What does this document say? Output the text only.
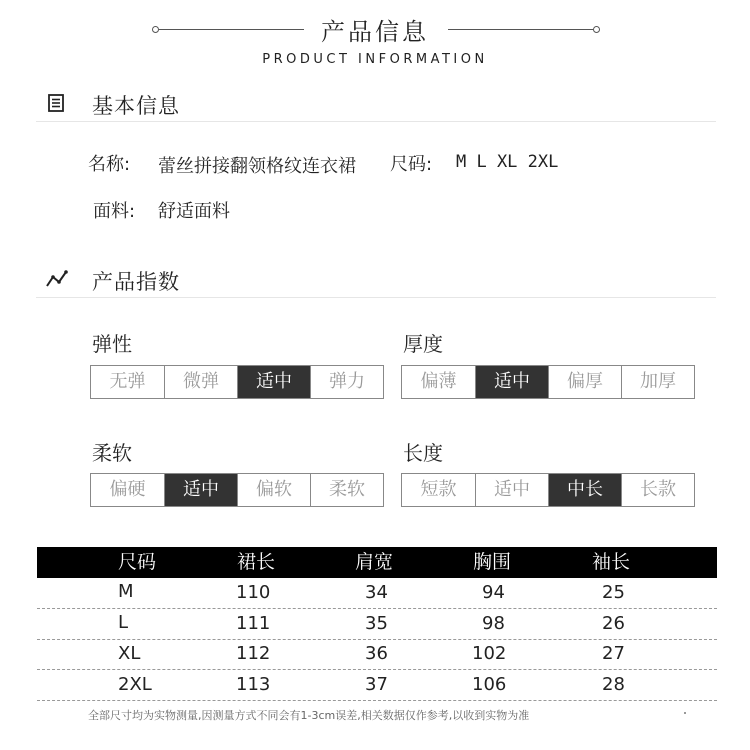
产品信息
PRODUCT INFORMATION
基本信息
名称: 蕾丝拼接翻领格纹连衣裙 尺码: M L XL 2XL
面料: 舒适面料
产品指数
弹性
无弹	微弹	适中	弹力
厚度
偏薄	适中	偏厚	加厚
柔软
偏硬	适中	偏软	柔软
长度
短款	适中	中长	长款
尺码	裙长	肩宽	胸围	袖长
M	110	34	94	25
L	111	35	98	26
XL	112	36	102	27
2XL	113	37	106	28
全部尺寸均为实物测量,因测量方式不同会有1-3cm误差,相关数据仅作参考,以收到实物为准
